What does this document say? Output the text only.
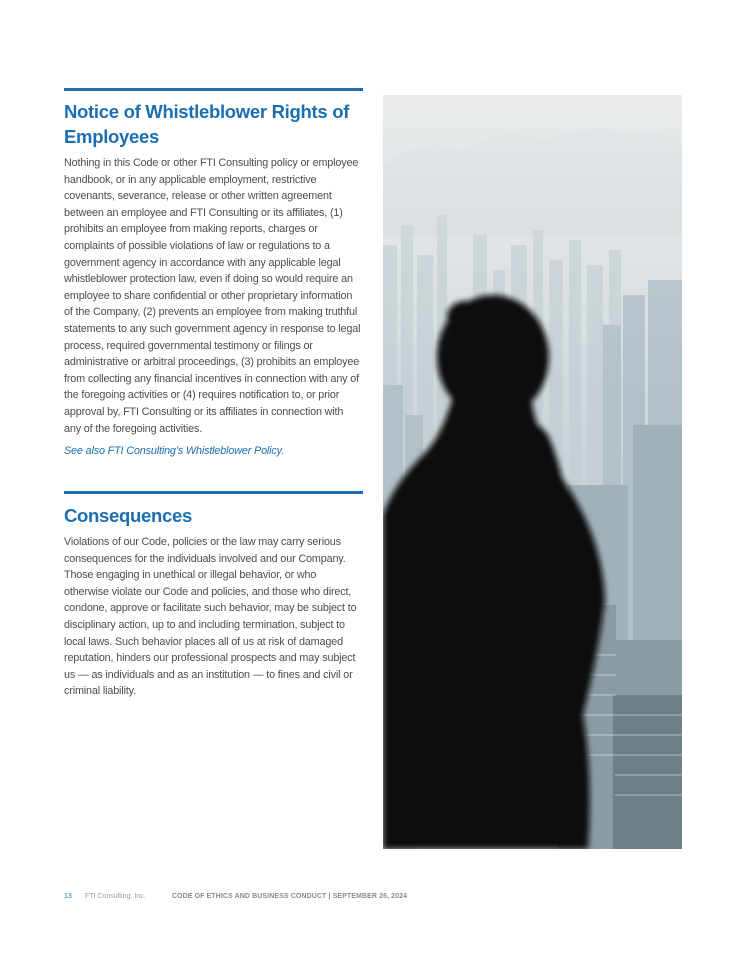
Notice of Whistleblower Rights of Employees

Nothing in this Code or other FTI Consulting policy or employee handbook, or in any applicable employment, restrictive covenants, severance, release or other written agreement between an employee and FTI Consulting or its affiliates, (1) prohibits an employee from making reports, charges or complaints of possible violations of law or regulations to a government agency in accordance with any applicable legal whistleblower protection law, even if doing so would require an employee to share confidential or other proprietary information of the Company, (2) prevents an employee from making truthful statements to any such government agency in response to legal process, required governmental testimony or filings or administrative or arbitral proceedings, (3) prohibits an employee from collecting any financial incentives in connection with any of the foregoing activities or (4) requires notification to, or prior approval by, FTI Consulting or its affiliates in connection with any of the foregoing activities.

See also FTI Consulting’s Whistleblower Policy.

Consequences

Violations of our Code, policies or the law may carry serious consequences for the individuals involved and our Company. Those engaging in unethical or illegal behavior, or who otherwise violate our Code and policies, and those who direct, condone, approve or facilitate such behavior, may be subject to disciplinary action, up to and including termination, subject to local laws. Such behavior places all of us at risk of damaged reputation, hinders our professional prospects and may subject us — as individuals and as an institution — to fines and civil or criminal liability.

13 FTI Consulting, Inc.	CODE OF ETHICS AND BUSINESS CONDUCT | SEPTEMBER 26, 2024
